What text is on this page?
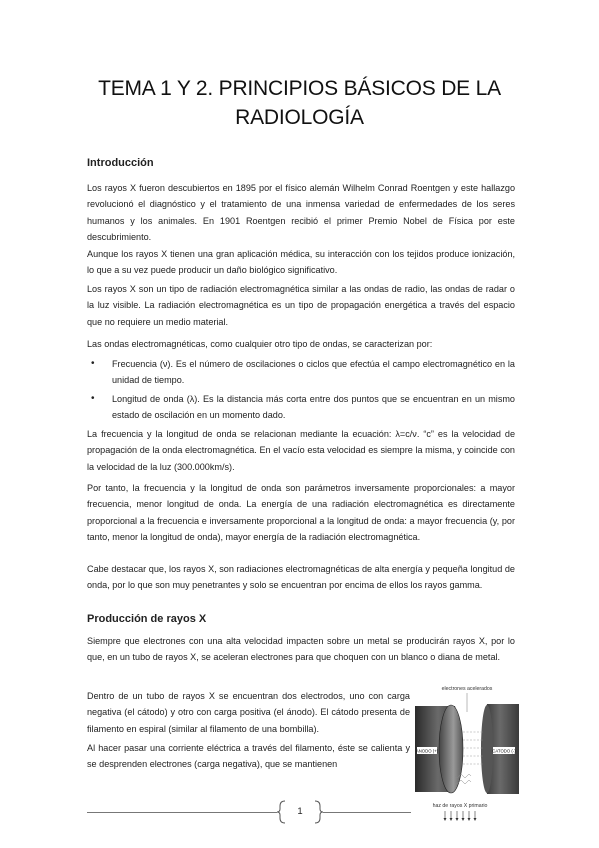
TEMA 1 Y 2. PRINCIPIOS BÁSICOS DE LA RADIOLOGÍA
Introducción

Los rayos X fueron descubiertos en 1895 por el físico alemán Wilhelm Conrad Roentgen y este hallazgo revolucionó el diagnóstico y el tratamiento de una inmensa variedad de enfermedades de los seres humanos y los animales. En 1901 Roentgen recibió el primer Premio Nobel de Física por este descubrimiento.

Aunque los rayos X tienen una gran aplicación médica, su interacción con los tejidos produce ionización, lo que a su vez puede producir un daño biológico significativo.

Los rayos X son un tipo de radiación electromagnética similar a las ondas de radio, las ondas de radar o la luz visible. La radiación electromagnética es un tipo de propagación energética a través del espacio que no requiere un medio material.

Las ondas electromagnéticas, como cualquier otro tipo de ondas, se caracterizan por:

• Frecuencia (ν). Es el número de oscilaciones o ciclos que efectúa el campo electromagnético en la unidad de tiempo.
• Longitud de onda (λ). Es la distancia más corta entre dos puntos que se encuentran en un mismo estado de oscilación en un momento dado.

La frecuencia y la longitud de onda se relacionan mediante la ecuación: λ=c/ν. “c” es la velocidad de propagación de la onda electromagnética. En el vacío esta velocidad es siempre la misma, y coincide con la velocidad de la luz (300.000km/s).

Por tanto, la frecuencia y la longitud de onda son parámetros inversamente proporcionales: a mayor frecuencia, menor longitud de onda. La energía de una radiación electromagnética es directamente proporcional a la frecuencia e inversamente proporcional a la longitud de onda: a mayor frecuencia (y, por tanto, menor la longitud de onda), mayor energía de la radiación electromagnética.

Cabe destacar que, los rayos X, son radiaciones electromagnéticas de alta energía y pequeña longitud de onda, por lo que son muy penetrantes y solo se encuentran por encima de ellos los rayos gamma.

Producción de rayos X

Siempre que electrones con una alta velocidad impacten sobre un metal se producirán rayos X, por lo que, en un tubo de rayos X, se aceleran electrones para que choquen con un blanco o diana de metal.

Dentro de un tubo de rayos X se encuentran dos electrodos, uno con carga negativa (el cátodo) y otro con carga positiva (el ánodo). El cátodo presenta de filamento en espiral (similar al filamento de una bombilla).

Al hacer pasar una corriente eléctrica a través del filamento, éste se calienta y se desprenden electrones (carga negativa), que se mantienen

electrones acelerados
ANODO (+)	CATODO (-)
haz de rayos X primario
1
